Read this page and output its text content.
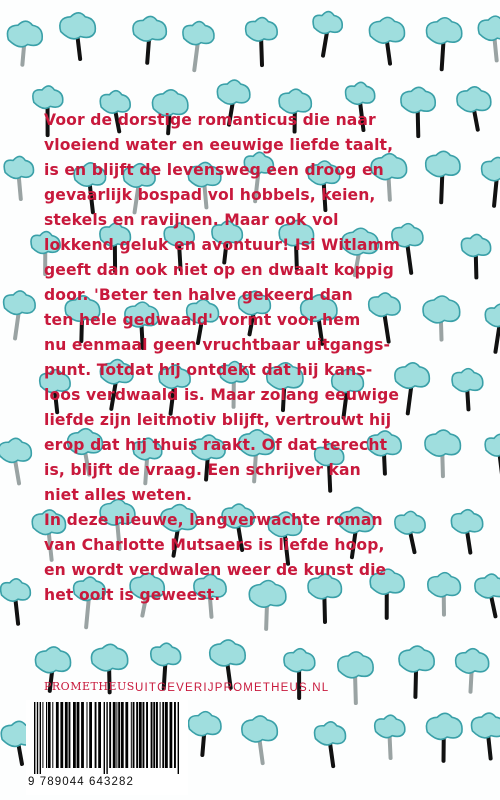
Voor de dorstige romanticus die naar
vloeiend water en eeuwige liefde taalt,
is en blijft de levensweg een droog en
gevaarlijk bospad vol hobbels, keien,
stekels en ravijnen. Maar ook vol
lokkend geluk en avontuur! Isi Witlamm
geeft dan ook niet op en dwaalt koppig
door. 'Beter ten halve gekeerd dan
ten hele gedwaald' vormt voor hem
nu eenmaal geen vruchtbaar uitgangs-
punt. Totdat hij ontdekt dat hij kans-
loos verdwaald is. Maar zolang eeuwige
liefde zijn leitmotiv blijft, vertrouwt hij
erop dat hij thuis raakt. Of dat terecht
is, blijft de vraag. Een schrijver kan
niet alles weten.
In deze nieuwe, langverwachte roman
van Charlotte Mutsaers is liefde hoop,
en wordt verdwalen weer de kunst die
het ooit is geweest.
PROMETHEUS UITGEVERIJPROMETHEUS.NL
9 789044 643282
